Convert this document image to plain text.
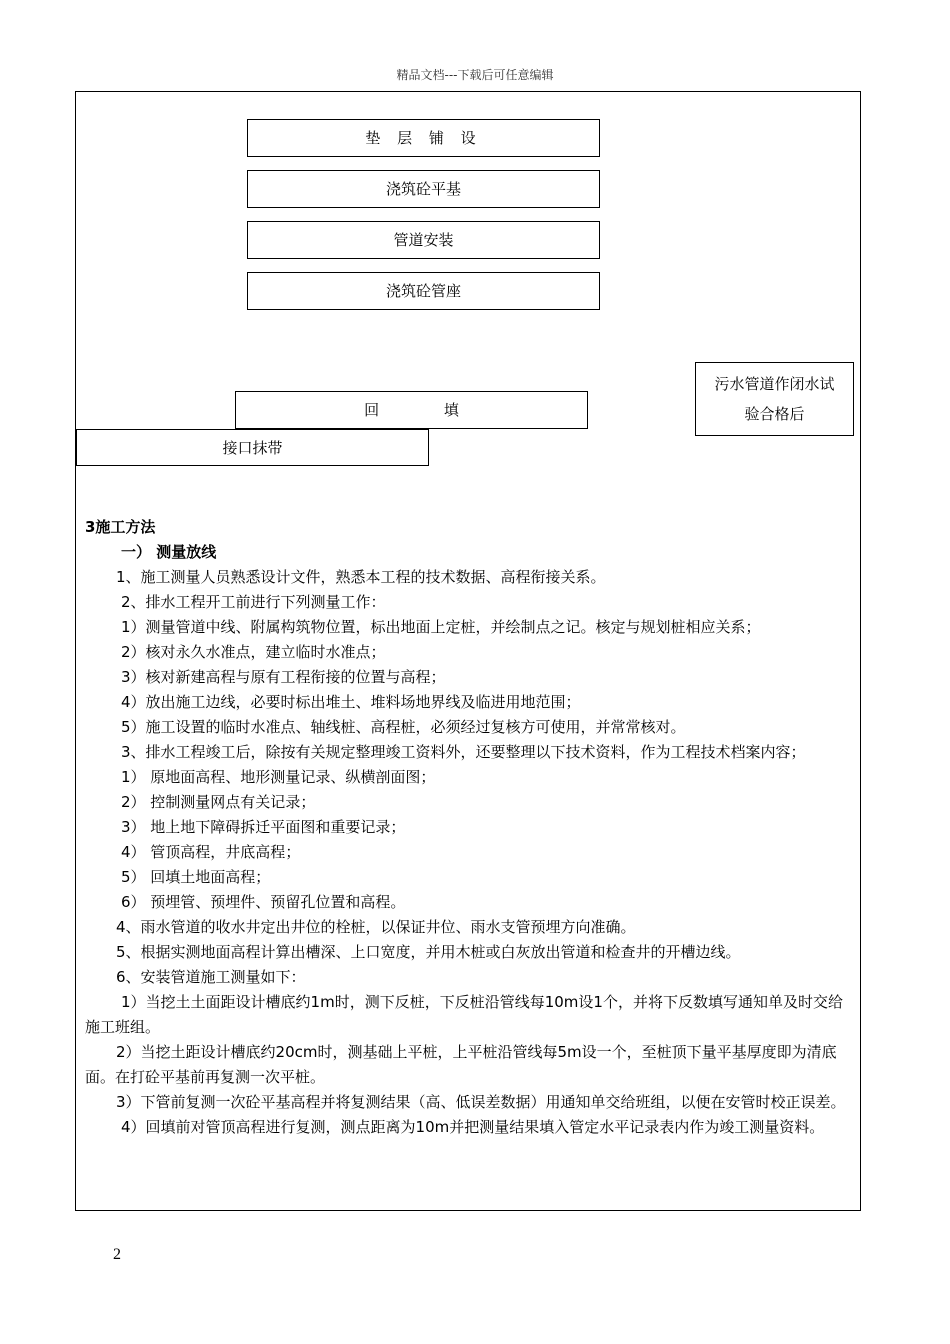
精品文档---下载后可任意编辑
垫 层 铺 设
浇筑砼平基
管道安装
浇筑砼管座
污水管道作闭水试
验合格后
回 填
接口抹带

3施工方法

一） 测量放线

1、施工测量人员熟悉设计文件，熟悉本工程的技术数据、高程衔接关系。

2、排水工程开工前进行下列测量工作：

1）测量管道中线、附属构筑物位置，标出地面上定桩，并绘制点之记。核定与规划桩相应关系；

2）核对永久水准点，建立临时水准点；

3）核对新建高程与原有工程衔接的位置与高程；

4）放出施工边线，必要时标出堆土、堆料场地界线及临进用地范围；

5）施工设置的临时水准点、轴线桩、高程桩，必须经过复核方可使用，并常常核对。

3、排水工程竣工后，除按有关规定整理竣工资料外，还要整理以下技术资料，作为工程技术档案内容；

1） 原地面高程、地形测量记录、纵横剖面图；

2） 控制测量网点有关记录；

3） 地上地下障碍拆迁平面图和重要记录；

4） 管顶高程，井底高程；

5） 回填土地面高程；

6） 预埋管、预埋件、预留孔位置和高程。

4、雨水管道的收水井定出井位的栓桩，以保证井位、雨水支管预埋方向准确。

5、根据实测地面高程计算出槽深、上口宽度，并用木桩或白灰放出管道和检查井的开槽边线。

6、安装管道施工测量如下：

1）当挖土土面距设计槽底约1m时，测下反桩，下反桩沿管线每10m设1个，并将下反数填写通知单及时交给施工班组。

2）当挖土距设计槽底约20cm时，测基础上平桩，上平桩沿管线每5m设一个，至桩顶下量平基厚度即为清底面。在打砼平基前再复测一次平桩。

3）下管前复测一次砼平基高程并将复测结果（高、低误差数据）用通知单交给班组，以便在安管时校正误差。

4）回填前对管顶高程进行复测，测点距离为10m并把测量结果填入管定水平记录表内作为竣工测量资料。

2
